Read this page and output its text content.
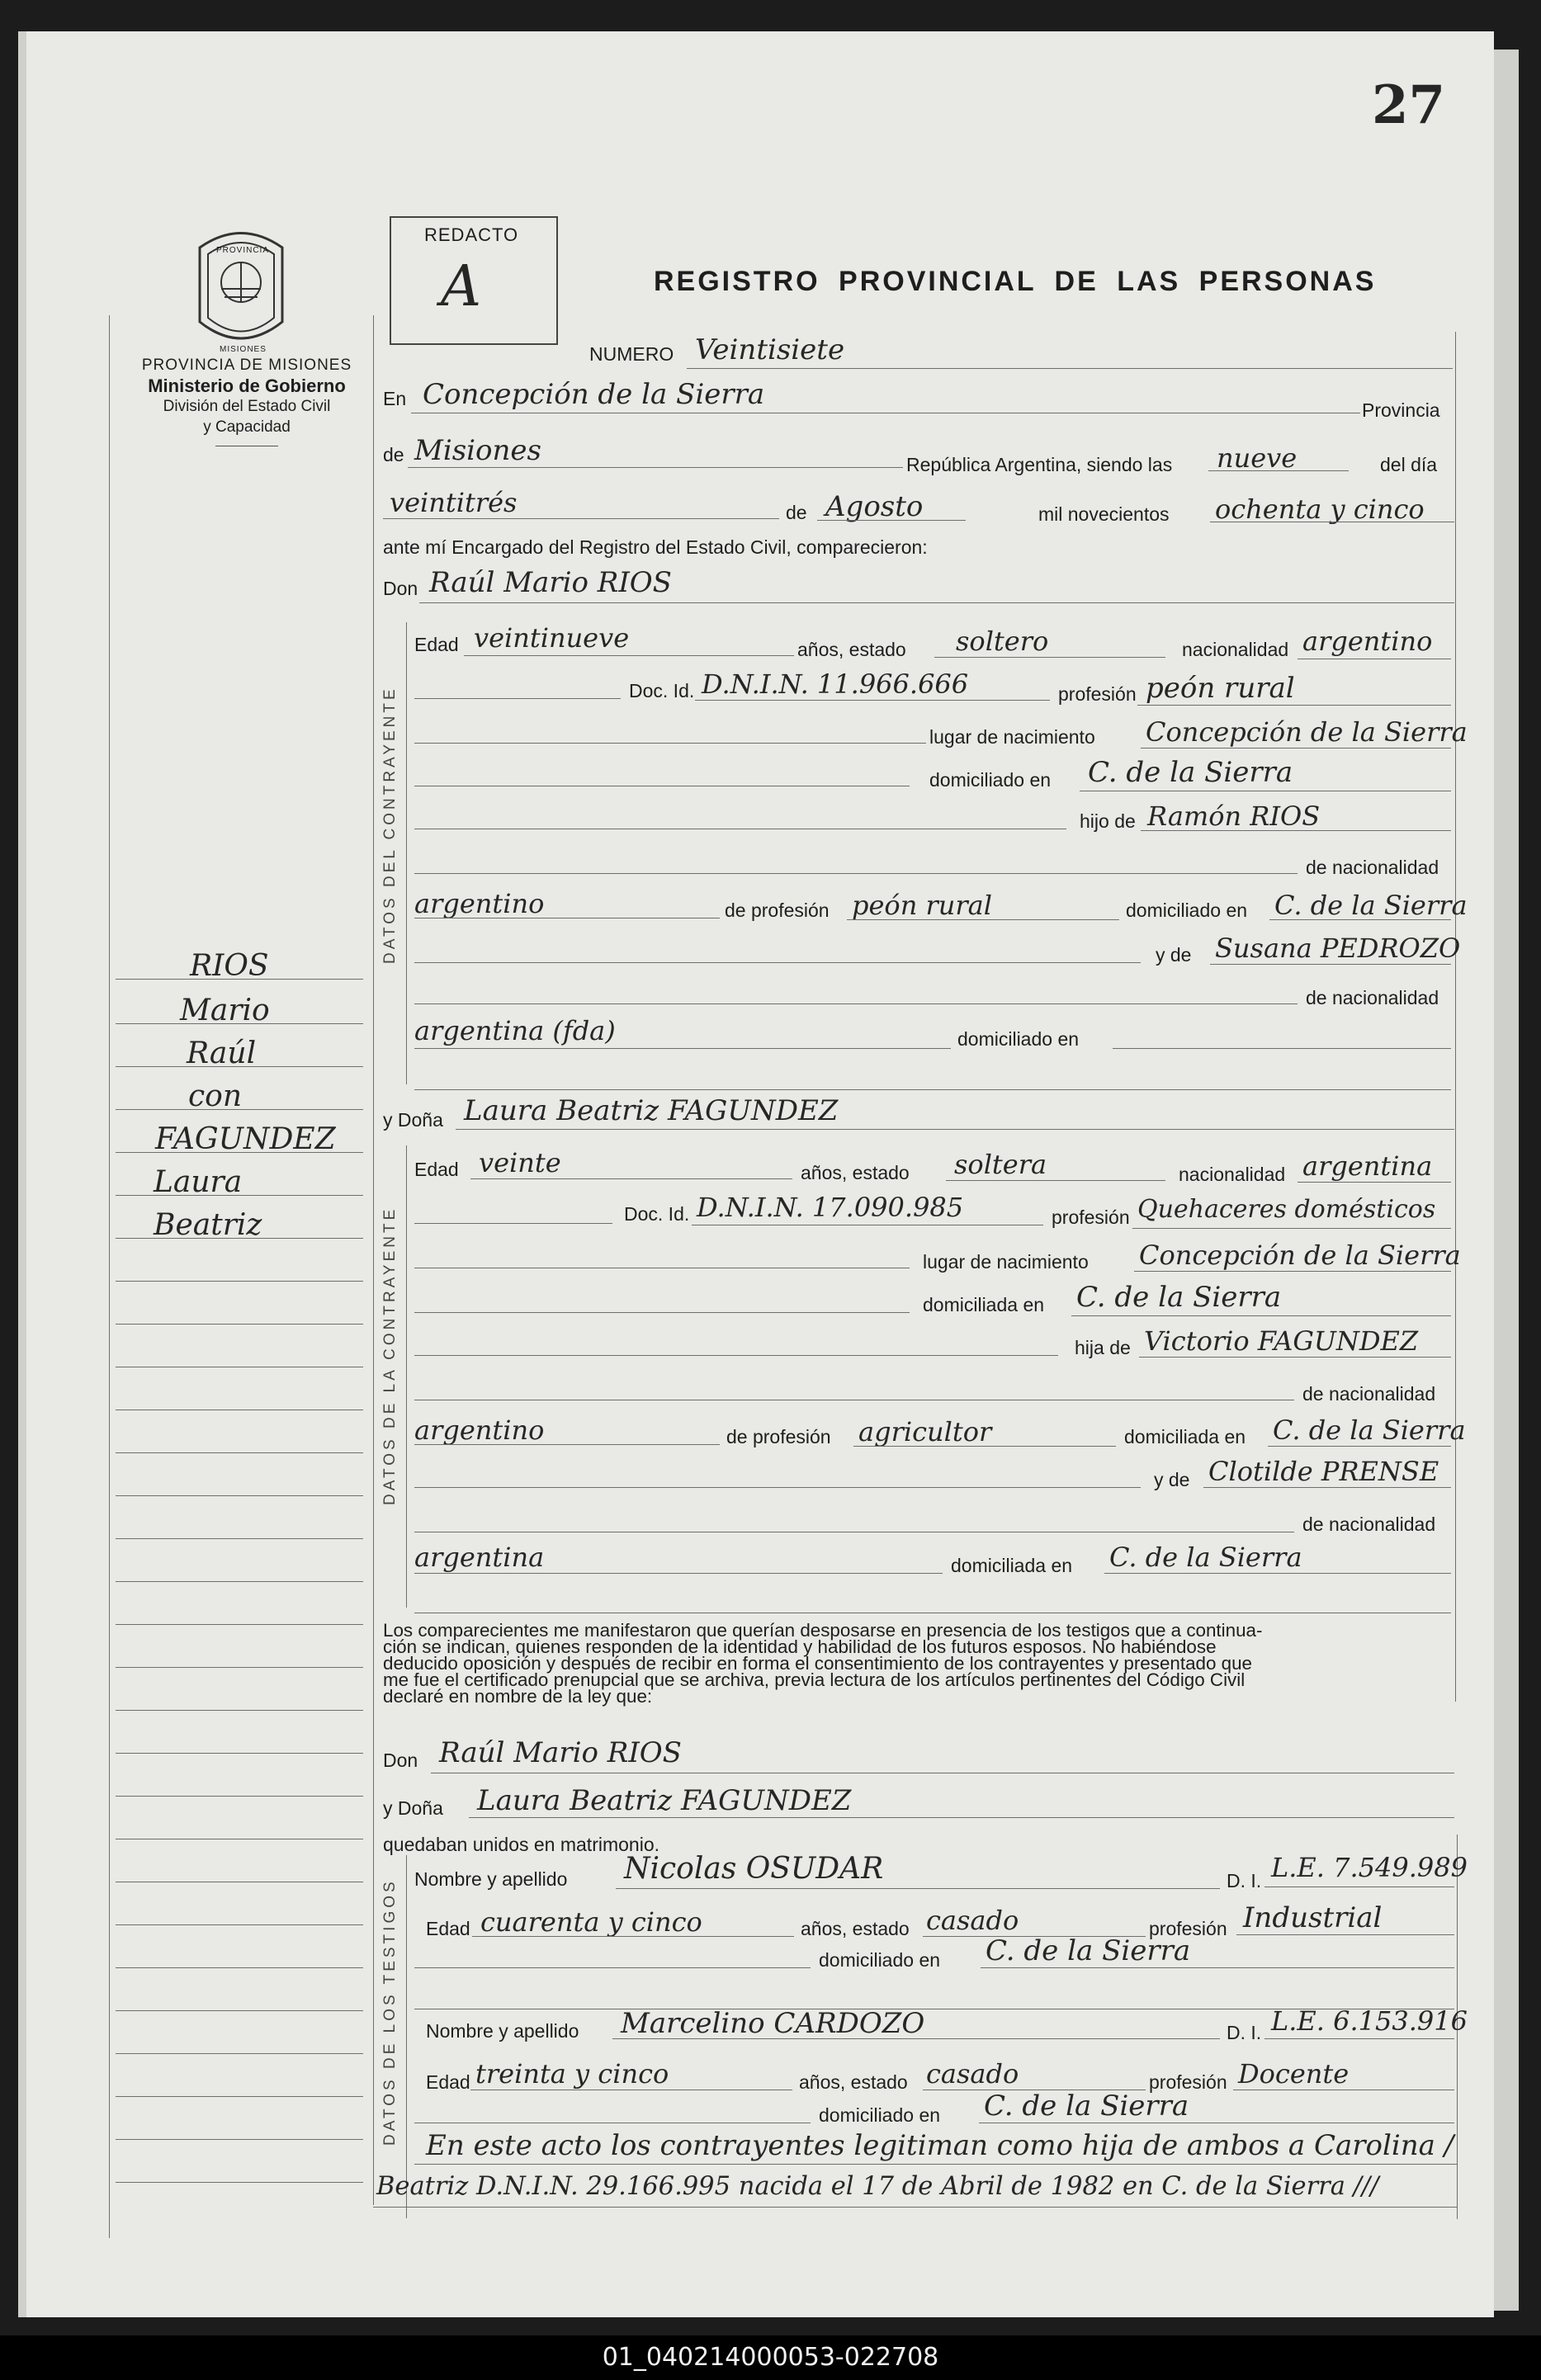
27
PROVINCIA
MISIONES
PROVINCIA DE MISIONES
Ministerio de Gobierno
División del Estado Civil
y Capacidad
REDACTO
A	REGISTRO PROVINCIAL DE LAS PERSONAS
RIOS
Mario
Raúl
con
FAGUNDEZ
Laura
Beatriz
NUMERO Veintisiete
En Concepción de la Sierra	Provincia
de Misiones	República Argentina, siendo las nueve	del día
veintitrés	de Agosto	mil novecientos ochenta y cinco
ante mí Encargado del Registro del Estado Civil, comparecieron:
Don Raúl Mario RIOS
DATOS DEL CONTRAYENTE
Edad veintinueve	años, estado soltero	nacionalidad argentino
Doc. Id. D.N.I.N. 11.966.666	profesión peón rural
lugar de nacimiento Concepción de la Sierra
domiciliado en C. de la Sierra
hijo de Ramón RIOS
de nacionalidad
argentino	de profesión peón rural	domiciliado en C. de la Sierra
y de Susana PEDROZO
de nacionalidad
argentina (fda)	domiciliado en
y Doña Laura Beatriz FAGUNDEZ
DATOS DE LA CONTRAYENTE
Edad veinte	años, estado soltera	nacionalidad argentina
Doc. Id. D.N.I.N. 17.090.985	profesión Quehaceres domésticos
lugar de nacimiento Concepción de la Sierra
domiciliada en C. de la Sierra
hija de Victorio FAGUNDEZ
de nacionalidad
argentino	de profesión agricultor	domiciliada en C. de la Sierra
y de Clotilde PRENSE
de nacionalidad
argentina	domiciliada en C. de la Sierra
Los comparecientes me manifestaron que querían desposarse en presencia de los testigos que a continua-
ción se indican, quienes responden de la identidad y habilidad de los futuros esposos. No habiéndose
deducido oposición y después de recibir en forma el consentimiento de los contrayentes y presentado que
me fue el certificado prenupcial que se archiva, previa lectura de los artículos pertinentes del Código Civil
declaré en nombre de la ley que:
Don Raúl Mario RIOS
y Doña Laura Beatriz FAGUNDEZ
quedaban unidos en matrimonio.
DATOS DE LOS TESTIGOS Nombre y apellido Nicolas OSUDAR	D. I. L.E. 7.549.989
Edad cuarenta y cinco	años, estado casado	profesión Industrial
domiciliado en C. de la Sierra
Nombre y apellido Marcelino CARDOZO	D. I. L.E. 6.153.916
Edad treinta y cinco	años, estado casado	profesión Docente
domiciliado en C. de la Sierra
En este acto los contrayentes legitiman como hija de ambos a Carolina /
Beatriz D.N.I.N. 29.166.995 nacida el 17 de Abril de 1982 en C. de la Sierra ///
01_040214000053-022708
